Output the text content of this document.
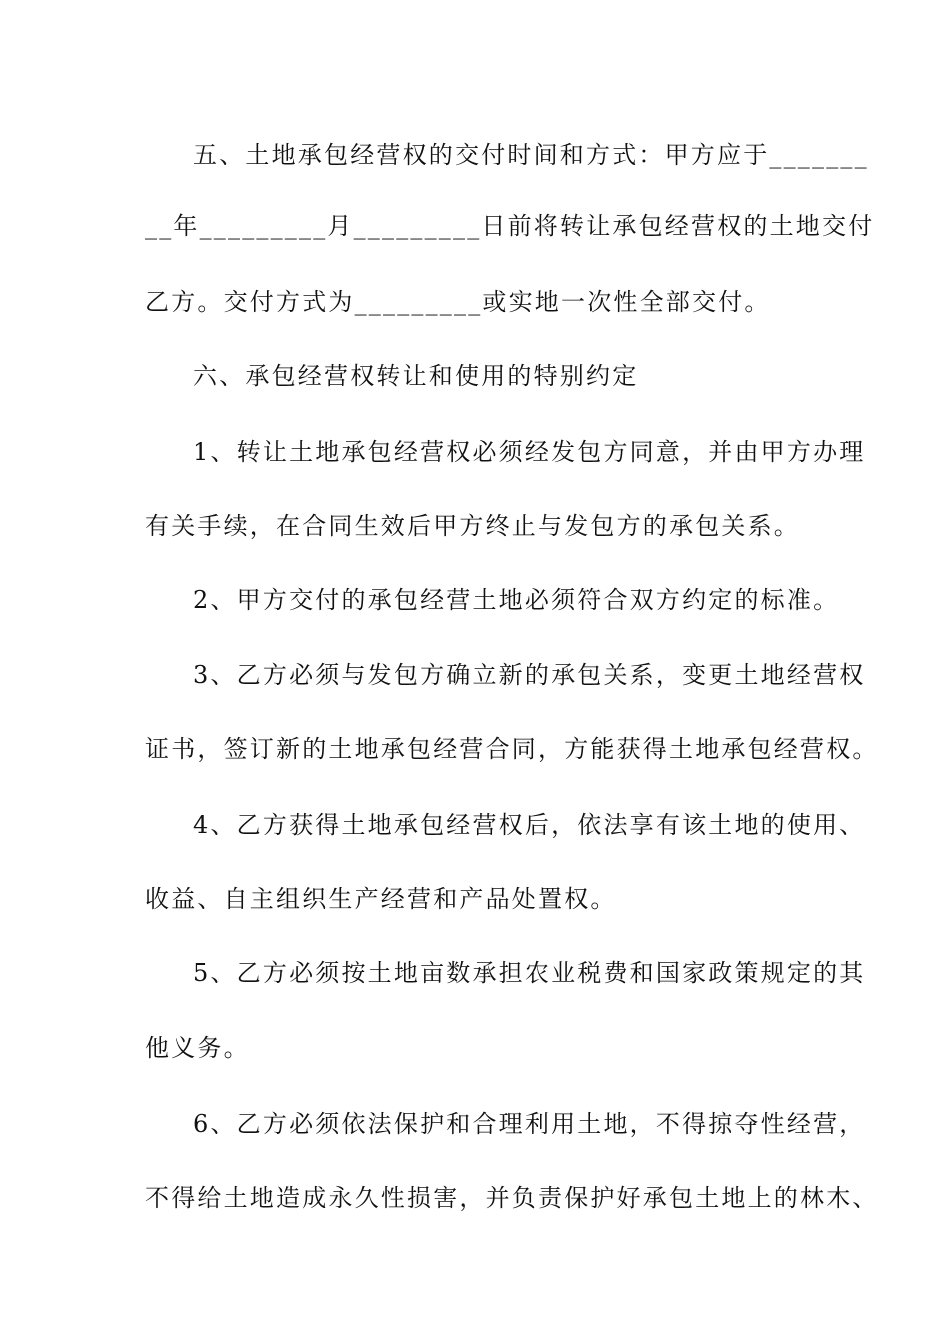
五、土地承包经营权的交付时间和方式：甲方应于_______
__年_________月_________日前将转让承包经营权的土地交付
乙方。交付方式为_________或实地一次性全部交付。
六、承包经营权转让和使用的特别约定
1、转让土地承包经营权必须经发包方同意，并由甲方办理
有关手续，在合同生效后甲方终止与发包方的承包关系。
2、甲方交付的承包经营土地必须符合双方约定的标准。
3、乙方必须与发包方确立新的承包关系，变更土地经营权
证书，签订新的土地承包经营合同，方能获得土地承包经营权。
4、乙方获得土地承包经营权后，依法享有该土地的使用、
收益、自主组织生产经营和产品处置权。
5、乙方必须按土地亩数承担农业税费和国家政策规定的其
他义务。
6、乙方必须依法保护和合理利用土地，不得掠夺性经营，
不得给土地造成永久性损害，并负责保护好承包土地上的林木、
